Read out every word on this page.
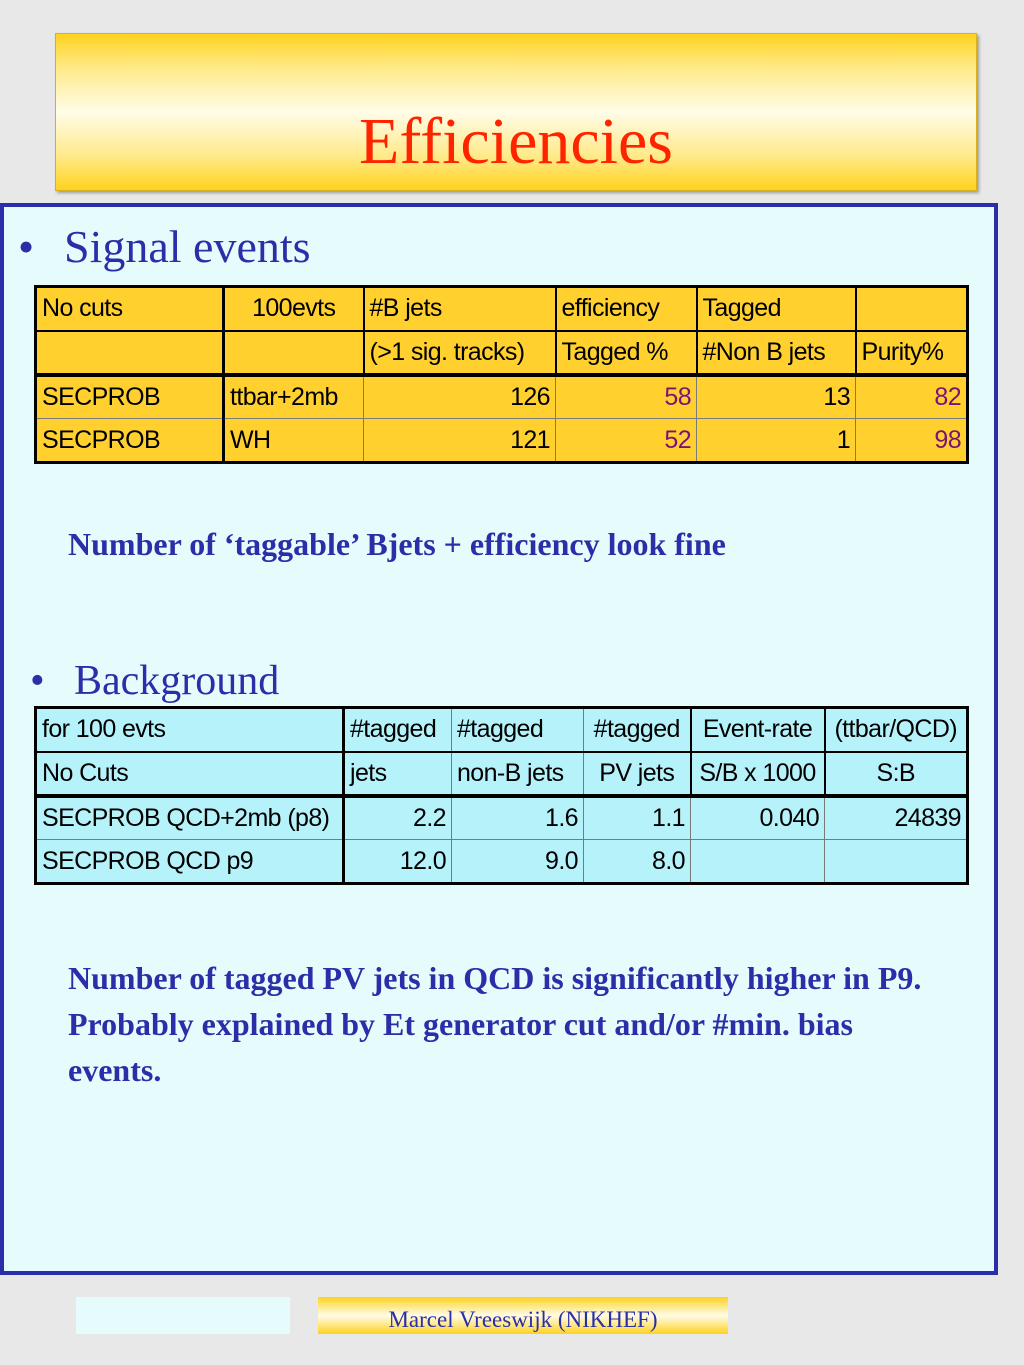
Efficiencies
• Signal events
No cuts	100evts	#B jets	efficiency	Tagged	
		(>1 sig. tracks)	Tagged %	#Non B jets	Purity%
SECPROB	ttbar+2mb	126	58	13	82
SECPROB	WH	121	52	1	98
Number of ‘taggable’ Bjets + efficiency look fine
• Background
for 100 evts	#tagged	#tagged	#tagged	Event-rate	(ttbar/QCD)
No Cuts	jets	non-B jets	PV jets	S/B x 1000	S:B
SECPROB QCD+2mb (p8)	2.2	1.6	1.1	0.040	24839
SECPROB QCD p9	12.0	9.0	8.0		
Number of tagged PV jets in QCD is significantly higher in P9. Probably explained by Et generator cut and/or #min. bias events.
Marcel Vreeswijk (NIKHEF)
